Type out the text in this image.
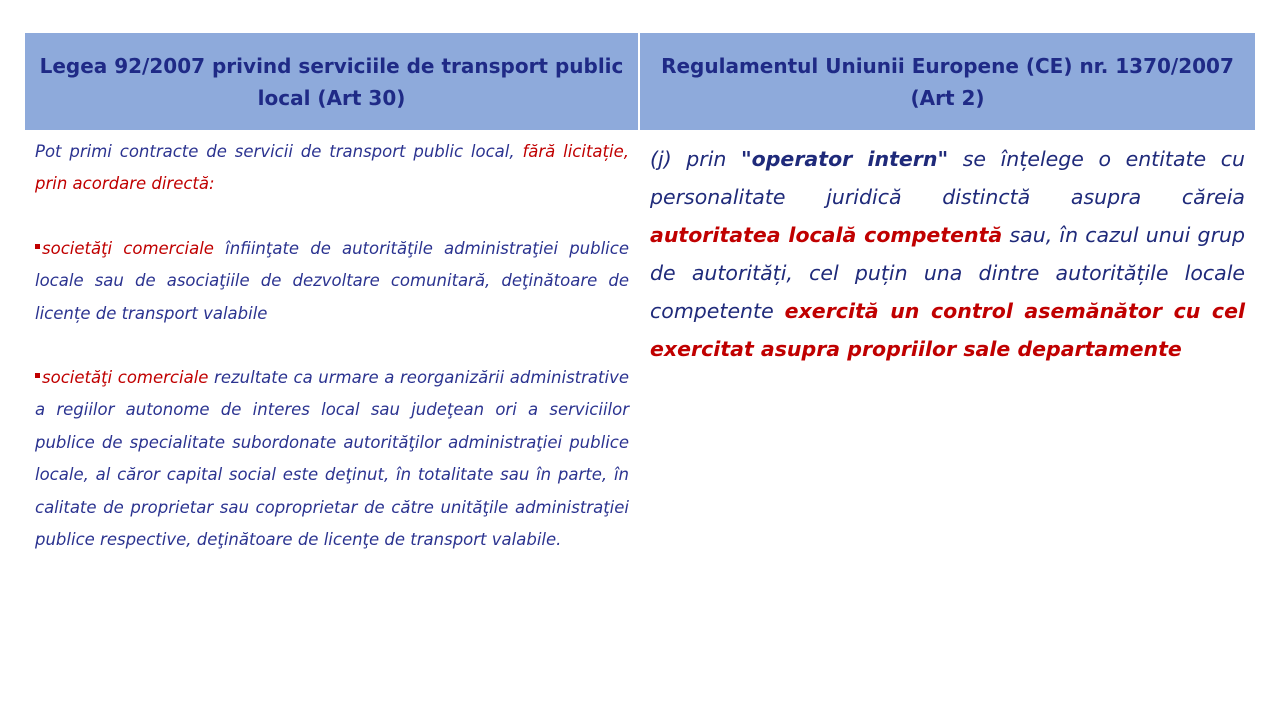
Legea 92/2007 privind serviciile de transport public local (Art 30)
Regulamentul Uniunii Europene (CE) nr. 1370/2007 (Art 2)

Pot primi contracte de servicii de transport public local, fără licitație, prin acordare directă:

societăţi comerciale înfiinţate de autorităţile administraţiei publice locale sau de asociaţiile de dezvoltare comunitară, deţinătoare de licențe de transport valabile

societăţi comerciale rezultate ca urmare a reorganizării administrative a regiilor autonome de interes local sau judeţean ori a serviciilor publice de specialitate subordonate autorităţilor administraţiei publice locale, al căror capital social este deţinut, în totalitate sau în parte, în calitate de proprietar sau coproprietar de către unităţile administraţiei publice respective, deţinătoare de licenţe de transport valabile.

(j) prin "operator intern" se înțelege o entitate cu personalitate juridică distinctă asupra căreia autoritatea locală competentă sau, în cazul unui grup de autorități, cel puțin una dintre autoritățile locale competente exercită un control asemănător cu cel exercitat asupra propriilor sale departamente
